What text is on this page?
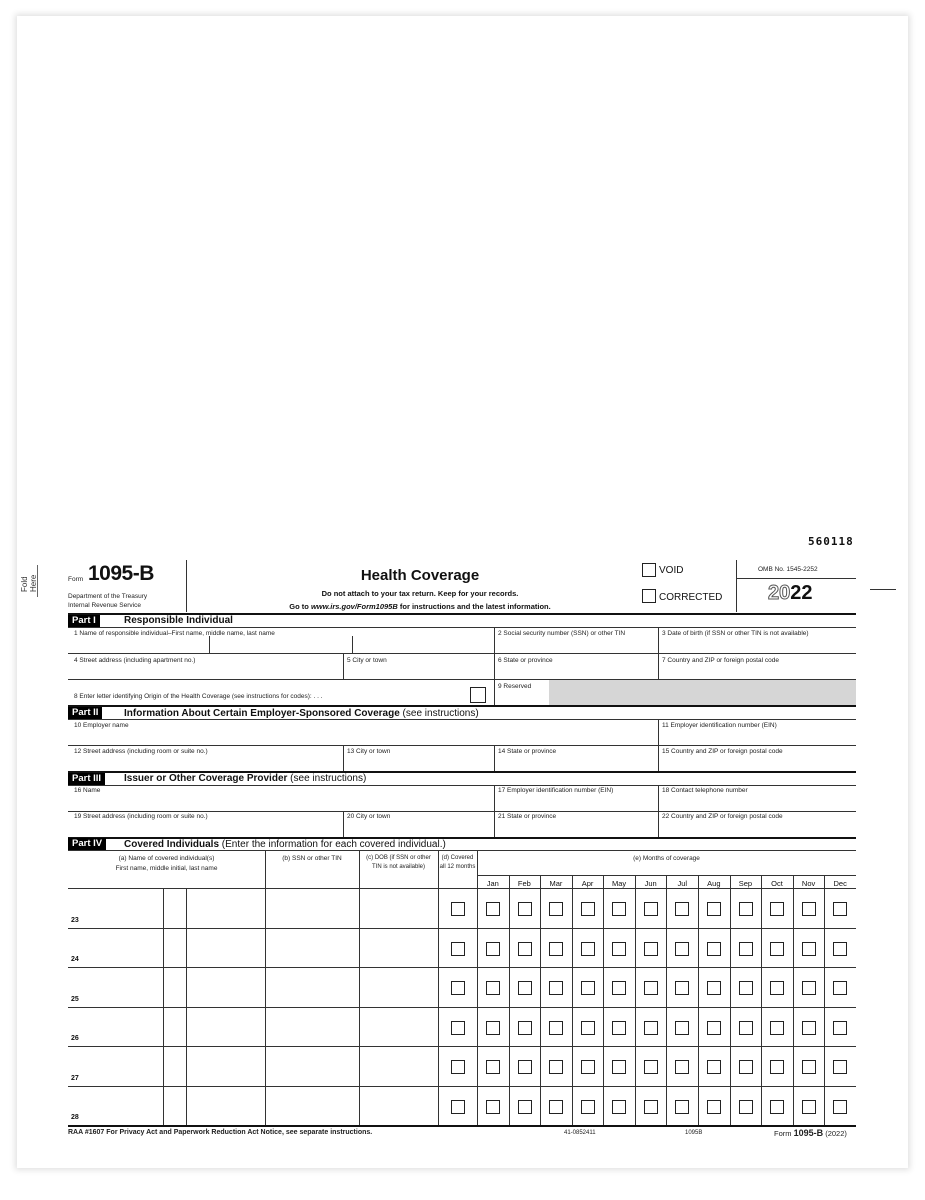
560118
Fold Here	Form 1095-B
Department of the Treasury
Internal Revenue Service
Health Coverage
Do not attach to your tax return. Keep for your records.
Go to www.irs.gov/Form1095B for instructions and the latest information.
VOID
CORRECTED
OMB No. 1545-2252
2022
Part I	Responsible Individual
1 Name of responsible individual–First name, middle name, last name	2 Social security number (SSN) or other TIN	3 Date of birth (if SSN or other TIN is not available)
4 Street address (including apartment no.)	5 City or town	6 State or province	7 Country and ZIP or foreign postal code
8 Enter letter identifying Origin of the Health Coverage (see instructions for codes): . . .
9 Reserved
Part II	Information About Certain Employer-Sponsored Coverage (see instructions)
10 Employer name	11 Employer identification number (EIN)
12 Street address (including room or suite no.)	13 City or town	14 State or province	15 Country and ZIP or foreign postal code
Part III	Issuer or Other Coverage Provider (see instructions)
16 Name	17 Employer identification number (EIN)	18 Contact telephone number
19 Street address (including room or suite no.)	20 City or town	21 State or province	22 Country and ZIP or foreign postal code
Part IV	Covered Individuals (Enter the information for each covered individual.)
(a) Name of covered individual(s)
First name, middle initial, last name
(b) SSN or other TIN	(c) DOB (if SSN or other
TIN is not available)
(d) Covered
all 12 months
(e) Months of coverage
Jan	Feb	Mar	Apr	May	Jun	Jul	Aug	Sep	Oct	Nov	Dec
23
24
25
26
27
28
RAA #1607 For Privacy Act and Paperwork Reduction Act Notice, see separate instructions.	41-0852411	1095B	Form 1095-B (2022)
